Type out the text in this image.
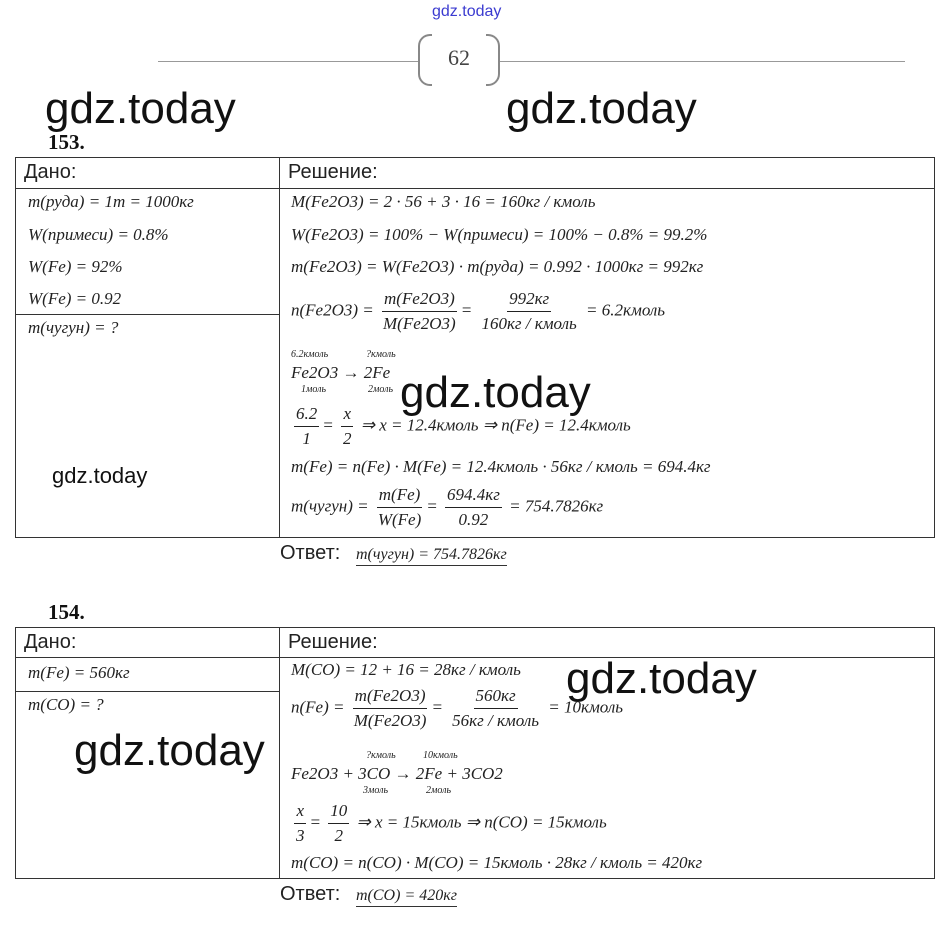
gdz.today
62
gdz.today	gdz.today
gdz.today
gdz.today
gdz.today
gdz.today
153.
Дано:	Решение:
m(руда) = 1т = 1000кг
W(примеси) = 0.8%
W(Fe) = 92%
W(Fe) = 0.92
m(чугун) = ?
M(Fe2O3) = 2 · 56 + 3 · 16 = 160кг / кмоль
W(Fe2O3) = 100% − W(примеси) = 100% − 0.8% = 99.2%
m(Fe2O3) = W(Fe2O3) · m(руда) = 0.992 · 1000кг = 992кг
$n(Fe2O3) = \frac{m(Fe2O3)}{M(Fe2O3)} = \frac{992кг}{\text{160кг / кмоль}}$ = 6.2кмоль
6.2кмоль	?кмоль
Fe2O3 → 2Fe
1моль	2моль
$\frac{6.2}{1} = \frac{x}{2}$ ⇒ x = 12.4кмоль ⇒ n(Fe) = 12.4кмоль
m(Fe) = n(Fe) · M(Fe) = 12.4кмоль · 56кг / кмоль = 694.4кг
m(чугун) = $\frac{m(Fe)}{W(Fe)} = \frac{694.4кг}{0.92} = 754.7826кг$
Ответ: m(чугун) = 754.7826кг
154.
Дано:	Решение:
m(Fe) = 560кг
m(CO) = ?
M(CO) = 12 + 16 = 28кг / кмоль
$n(Fe) = \frac{m(Fe2O3)}{M(Fe2O3)} = \frac{560кг}{\text{56кг / кмоль}}$ = 10кмоль
?кмоль	10кмоль
Fe2O3 + 3CO → 2Fe + 3CO2
3моль	2моль
$\frac{x}{3} = \frac{10}{2}$ ⇒ x = 15кмоль ⇒ n(CO) = 15кмоль
m(CO) = n(CO) · M(CO) = 15кмоль · 28кг / кмоль = 420кг
Ответ: m(CO) = 420кг
